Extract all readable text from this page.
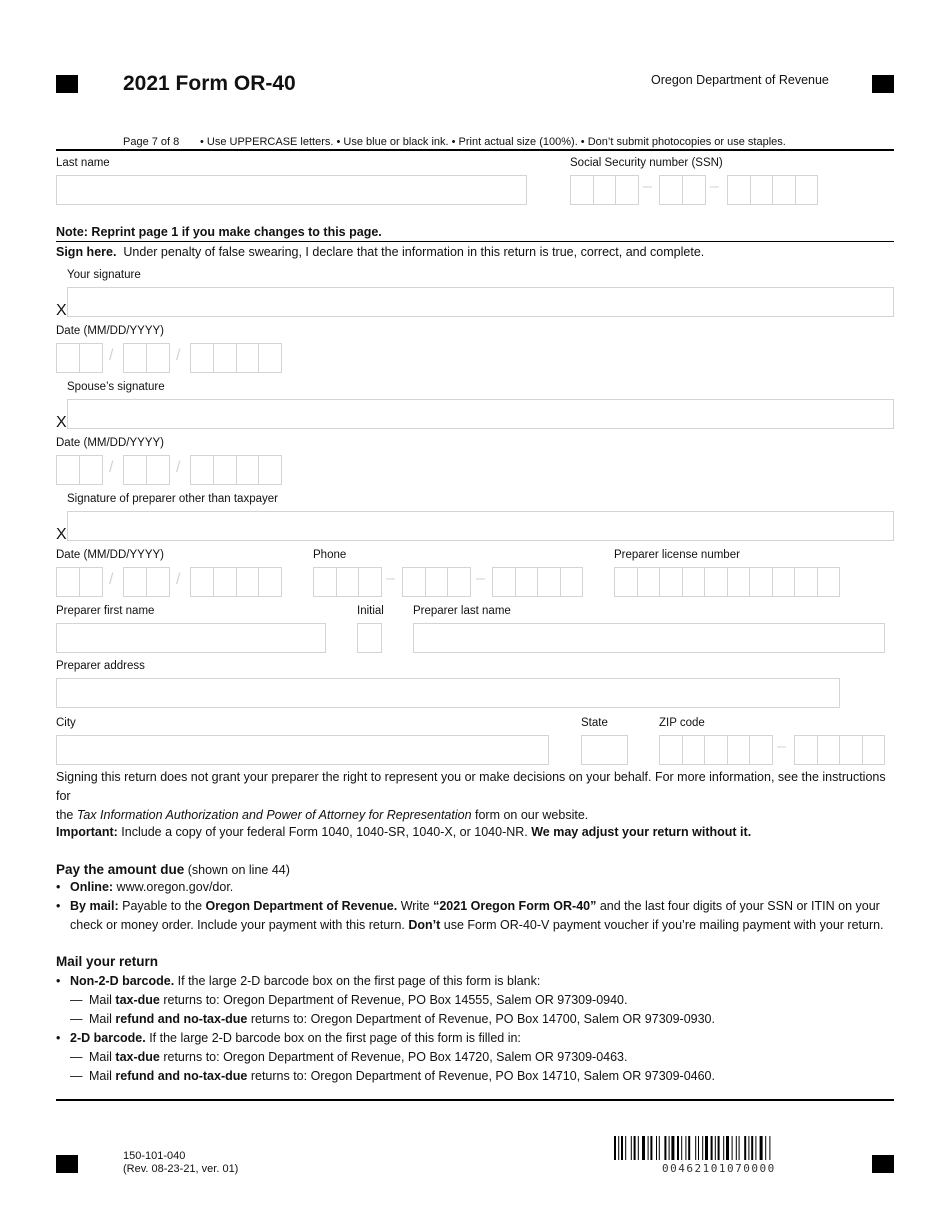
2021 Form OR-40	Oregon Department of Revenue
Page 7 of 8 • Use UPPERCASE letters. • Use blue or black ink. • Print actual size (100%). • Don’t submit photocopies or use staples.
Last name	Social Security number (SSN)
–	–
Note: Reprint page 1 if you make changes to this page.
Sign here. Under penalty of false swearing, I declare that the information in this return is true, correct, and complete.
Your signature
X
Date (MM/DD/YYYY)
/	/
Spouse’s signature
X
Date (MM/DD/YYYY)
/	/
Signature of preparer other than taxpayer
X
Date (MM/DD/YYYY)
/	/
Phone
–	–
Preparer license number
Preparer first name	Initial	Preparer last name
Preparer address
City	State	ZIP code
–
Signing this return does not grant your preparer the right to represent you or make decisions on your behalf. For more information, see the instructions for
the Tax Information Authorization and Power of Attorney for Representation form on our website.
Important: Include a copy of your federal Form 1040, 1040-SR, 1040-X, or 1040-NR. We may adjust your return without it.
Pay the amount due (shown on line 44)
• Online: www.oregon.gov/dor.
• By mail: Payable to the Oregon Department of Revenue. Write “2021 Oregon Form OR-40” and the last four digits of your SSN or ITIN on your
check or money order. Include your payment with this return. Don’t use Form OR-40-V payment voucher if you’re mailing payment with your return.
Mail your return
• Non-2-D barcode. If the large 2-D barcode box on the first page of this form is blank:
— Mail tax-due returns to: Oregon Department of Revenue, PO Box 14555, Salem OR 97309-0940.
— Mail refund and no-tax-due returns to: Oregon Department of Revenue, PO Box 14700, Salem OR 97309-0930.
• 2-D barcode. If the large 2-D barcode box on the first page of this form is filled in:
— Mail tax-due returns to: Oregon Department of Revenue, PO Box 14720, Salem OR 97309-0463.
— Mail refund and no-tax-due returns to: Oregon Department of Revenue, PO Box 14710, Salem OR 97309-0460.
150-101-040
(Rev. 08-23-21, ver. 01)	00462101070000
